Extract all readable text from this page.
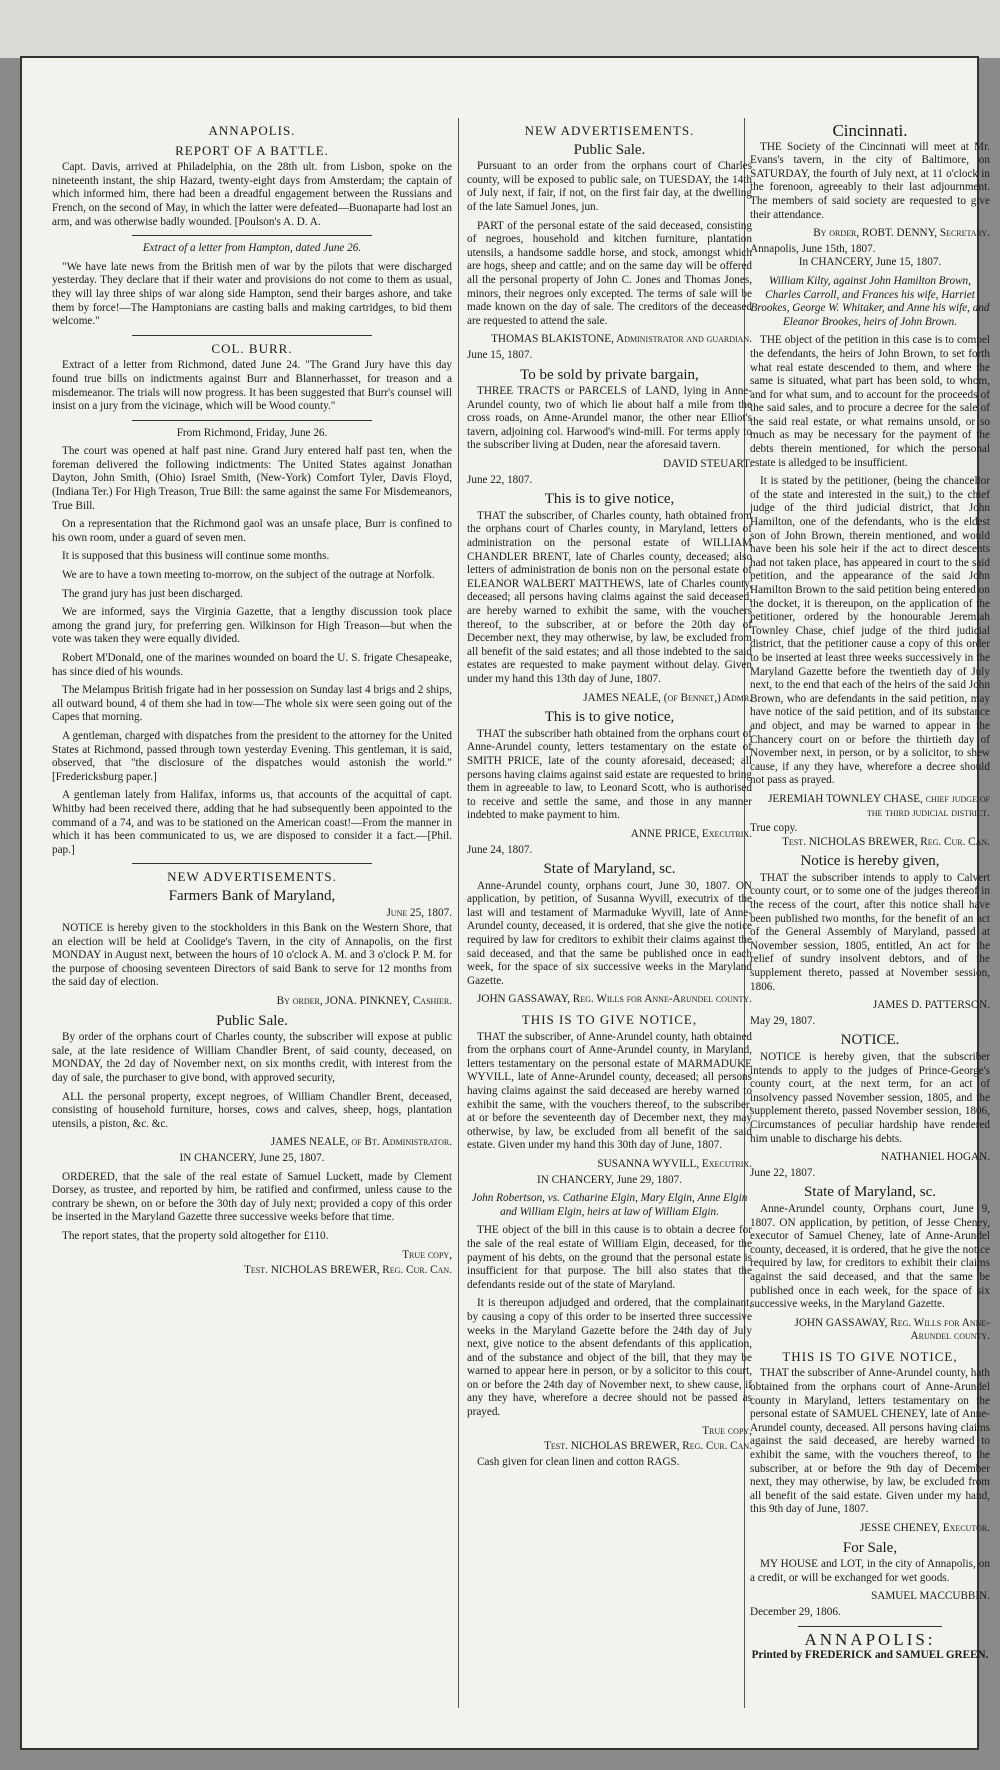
ANNAPOLIS.
REPORT OF A BATTLE.

Capt. Davis, arrived at Philadelphia, on the 28th ult. from Lisbon, spoke on the nineteenth instant, the ship Hazard, twenty-eight days from Amsterdam; the captain of which informed him, there had been a dreadful engagement between the Russians and French, on the second of May, in which the latter were defeated—Buonaparte had lost an arm, and was otherwise badly wounded. [Poulson's A. D. A.

Extract of a letter from Hampton, dated June 26.

"We have late news from the British men of war by the pilots that were discharged yesterday. They declare that if their water and provisions do not come to them as usual, they will lay three ships of war along side Hampton, send their barges ashore, and take them by force!—The Hamptonians are casting balls and making cartridges, to bid them welcome."

COL. BURR.

Extract of a letter from Richmond, dated June 24. "The Grand Jury have this day found true bills on indictments against Burr and Blannerhasset, for treason and a misdemeanor. The trials will now progress. It has been suggested that Burr's counsel will insist on a jury from the vicinage, which will be Wood county."

From Richmond, Friday, June 26.

The court was opened at half past nine. Grand Jury entered half past ten, when the foreman delivered the following indictments: The United States against Jonathan Dayton, John Smith, (Ohio) Israel Smith, (New-York) Comfort Tyler, Davis Floyd, (Indiana Ter.) For High Treason, True Bill: the same against the same For Misdemeanors, True Bill.

On a representation that the Richmond gaol was an unsafe place, Burr is confined to his own room, under a guard of seven men.

It is supposed that this business will continue some months.

We are to have a town meeting to-morrow, on the subject of the outrage at Norfolk.

The grand jury has just been discharged.

We are informed, says the Virginia Gazette, that a lengthy discussion took place among the grand jury, for preferring gen. Wilkinson for High Treason—but when the vote was taken they were equally divided.

Robert M'Donald, one of the marines wounded on board the U. S. frigate Chesapeake, has since died of his wounds.

The Melampus British frigate had in her possession on Sunday last 4 brigs and 2 ships, all outward bound, 4 of them she had in tow—The whole six were seen going out of the Capes that morning.

A gentleman, charged with dispatches from the president to the attorney for the United States at Richmond, passed through town yesterday Evening. This gentleman, it is said, observed, that "the disclosure of the dispatches would astonish the world." [Fredericksburg paper.]

A gentleman lately from Halifax, informs us, that accounts of the acquittal of capt. Whitby had been received there, adding that he had subsequently been appointed to the command of a 74, and was to be stationed on the American coast!—From the manner in which it has been communicated to us, we are disposed to consider it a fact.—[Phil. pap.]

NEW ADVERTISEMENTS.
Farmers Bank of Maryland,

June 25, 1807.

NOTICE is hereby given to the stockholders in this Bank on the Western Shore, that an election will be held at Coolidge's Tavern, in the city of Annapolis, on the first MONDAY in August next, between the hours of 10 o'clock A. M. and 3 o'clock P. M. for the purpose of choosing seventeen Directors of said Bank to serve for 12 months from the said day of election.

By order, JONA. PINKNEY, Cashier.

Public Sale.

By order of the orphans court of Charles county, the subscriber will expose at public sale, at the late residence of William Chandler Brent, of said county, deceased, on MONDAY, the 2d day of November next, on six months credit, with interest from the day of sale, the purchaser to give bond, with approved security,

ALL the personal property, except negroes, of William Chandler Brent, deceased, consisting of household furniture, horses, cows and calves, sheep, hogs, plantation utensils, a piston, &c. &c.

JAMES NEALE, of Bt. Administrator.

IN CHANCERY, June 25, 1807.

ORDERED, that the sale of the real estate of Samuel Luckett, made by Clement Dorsey, as trustee, and reported by him, be ratified and confirmed, unless cause to the contrary be shewn, on or before the 30th day of July next; provided a copy of this order be inserted in the Maryland Gazette three successive weeks before that time.

The report states, that the property sold altogether for £110.

True copy,

Test. NICHOLAS BREWER, Reg. Cur. Can.

NEW ADVERTISEMENTS.
Public Sale.

Pursuant to an order from the orphans court of Charles county, will be exposed to public sale, on TUESDAY, the 14th of July next, if fair, if not, on the first fair day, at the dwelling of the late Samuel Jones, jun.

PART of the personal estate of the said deceased, consisting of negroes, household and kitchen furniture, plantation utensils, a handsome saddle horse, and stock, amongst which are hogs, sheep and cattle; and on the same day will be offered all the personal property of John C. Jones and Thomas Jones, minors, their negroes only excepted. The terms of sale will be made known on the day of sale. The creditors of the deceased are requested to attend the sale.

THOMAS BLAKISTONE, Administrator and guardian.

June 15, 1807.

To be sold by private bargain,

THREE TRACTS or PARCELS of LAND, lying in Anne-Arundel county, two of which lie about half a mile from the cross roads, on Anne-Arundel manor, the other near Elliot's tavern, adjoining col. Harwood's wind-mill. For terms apply to the subscriber living at Duden, near the aforesaid tavern.

DAVID STEUART.

June 22, 1807.

This is to give notice,

THAT the subscriber, of Charles county, hath obtained from the orphans court of Charles county, in Maryland, letters of administration on the personal estate of WILLIAM CHANDLER BRENT, late of Charles county, deceased; also letters of administration de bonis non on the personal estate of ELEANOR WALBERT MATTHEWS, late of Charles county, deceased; all persons having claims against the said deceased, are hereby warned to exhibit the same, with the vouchers thereof, to the subscriber, at or before the 20th day of December next, they may otherwise, by law, be excluded from all benefit of the said estates; and all those indebted to the said estates are requested to make payment without delay. Given under my hand this 13th day of June, 1807.

JAMES NEALE, (of Bennet,) Admr.

This is to give notice,

THAT the subscriber hath obtained from the orphans court of Anne-Arundel county, letters testamentary on the estate of SMITH PRICE, late of the county aforesaid, deceased; all persons having claims against said estate are requested to bring them in agreeable to law, to Leonard Scott, who is authorised to receive and settle the same, and those in any manner indebted to make payment to him.

ANNE PRICE, Executrix.

June 24, 1807.

State of Maryland, sc.

Anne-Arundel county, orphans court, June 30, 1807. ON application, by petition, of Susanna Wyvill, executrix of the last will and testament of Marmaduke Wyvill, late of Anne-Arundel county, deceased, it is ordered, that she give the notice required by law for creditors to exhibit their claims against the said deceased, and that the same be published once in each week, for the space of six successive weeks in the Maryland Gazette.

JOHN GASSAWAY, Reg. Wills for Anne-Arundel county.

THIS IS TO GIVE NOTICE,

THAT the subscriber, of Anne-Arundel county, hath obtained from the orphans court of Anne-Arundel county, in Maryland, letters testamentary on the personal estate of MARMADUKE WYVILL, late of Anne-Arundel county, deceased; all persons having claims against the said deceased are hereby warned to exhibit the same, with the vouchers thereof, to the subscriber, at or before the seventeenth day of December next, they may otherwise, by law, be excluded from all benefit of the said estate. Given under my hand this 30th day of June, 1807.

SUSANNA WYVILL, Executrix.

IN CHANCERY, June 29, 1807.

John Robertson, vs. Catharine Elgin, Mary Elgin, Anne Elgin and William Elgin, heirs at law of William Elgin.

THE object of the bill in this cause is to obtain a decree for the sale of the real estate of William Elgin, deceased, for the payment of his debts, on the ground that the personal estate is insufficient for that purpose. The bill also states that the defendants reside out of the state of Maryland.

It is thereupon adjudged and ordered, that the complainant, by causing a copy of this order to be inserted three successive weeks in the Maryland Gazette before the 24th day of July next, give notice to the absent defendants of this application, and of the substance and object of the bill, that they may be warned to appear here in person, or by a solicitor to this court, on or before the 24th day of November next, to shew cause, if any they have, wherefore a decree should not be passed as prayed.

True copy,

Test. NICHOLAS BREWER, Reg. Cur. Can.

Cash given for clean linen and cotton RAGS.

Cincinnati.

THE Society of the Cincinnati will meet at Mr. Evans's tavern, in the city of Baltimore, on SATURDAY, the fourth of July next, at 11 o'clock in the forenoon, agreeably to their last adjournment. The members of said society are requested to give their attendance.

By order, ROBT. DENNY, Secretary.

Annapolis, June 15th, 1807.

In CHANCERY, June 15, 1807.

William Kilty, against John Hamilton Brown, Charles Carroll, and Frances his wife, Harriet Brookes, George W. Whitaker, and Anne his wife, and Eleanor Brookes, heirs of John Brown.

THE object of the petition in this case is to compel the defendants, the heirs of John Brown, to set forth what real estate descended to them, and where the same is situated, what part has been sold, to whom, and for what sum, and to account for the proceeds of the said sales, and to procure a decree for the sale of the said real estate, or what remains unsold, or so much as may be necessary for the payment of the debts therein mentioned, for which the personal estate is alledged to be insufficient.

It is stated by the petitioner, (being the chancellor of the state and interested in the suit,) to the chief judge of the third judicial district, that John Hamilton, one of the defendants, who is the eldest son of John Brown, therein mentioned, and would have been his sole heir if the act to direct descents had not taken place, has appeared in court to the said petition, and the appearance of the said John Hamilton Brown to the said petition being entered on the docket, it is thereupon, on the application of the petitioner, ordered by the honourable Jeremiah Townley Chase, chief judge of the third judicial district, that the petitioner cause a copy of this order to be inserted at least three weeks successively in the Maryland Gazette before the twentieth day of July next, to the end that each of the heirs of the said John Brown, who are defendants in the said petition, may have notice of the said petition, and of its substance and object, and may be warned to appear in the Chancery court on or before the thirtieth day of November next, in person, or by a solicitor, to shew cause, if any they have, wherefore a decree should not pass as prayed.

JEREMIAH TOWNLEY CHASE, chief judge of the third judicial district.

True copy.

Test. NICHOLAS BREWER, Reg. Cur. Can.

Notice is hereby given,

THAT the subscriber intends to apply to Calvert county court, or to some one of the judges thereof in the recess of the court, after this notice shall have been published two months, for the benefit of an act of the General Assembly of Maryland, passed at November session, 1805, entitled, An act for the relief of sundry insolvent debtors, and of the supplement thereto, passed at November session, 1806.

JAMES D. PATTERSON.

May 29, 1807.

NOTICE.

NOTICE is hereby given, that the subscriber intends to apply to the judges of Prince-George's county court, at the next term, for an act of insolvency passed November session, 1805, and the supplement thereto, passed November session, 1806, Circumstances of peculiar hardship have rendered him unable to discharge his debts.

NATHANIEL HOGAN.

June 22, 1807.

State of Maryland, sc.

Anne-Arundel county, Orphans court, June 9, 1807. ON application, by petition, of Jesse Cheney, executor of Samuel Cheney, late of Anne-Arundel county, deceased, it is ordered, that he give the notice required by law, for creditors to exhibit their claims against the said deceased, and that the same be published once in each week, for the space of six successive weeks, in the Maryland Gazette.

JOHN GASSAWAY, Reg. Wills for Anne-Arundel county.

THIS IS TO GIVE NOTICE,

THAT the subscriber of Anne-Arundel county, hath obtained from the orphans court of Anne-Arundel county in Maryland, letters testamentary on the personal estate of SAMUEL CHENEY, late of Anne-Arundel county, deceased. All persons having claims against the said deceased, are hereby warned to exhibit the same, with the vouchers thereof, to the subscriber, at or before the 9th day of December next, they may otherwise, by law, be excluded from all benefit of the said estate. Given under my hand, this 9th day of June, 1807.

JESSE CHENEY, Executor.

For Sale,

MY HOUSE and LOT, in the city of Annapolis, on a credit, or will be exchanged for wet goods.

SAMUEL MACCUBBIN.

December 29, 1806.

ANNAPOLIS:

Printed by FREDERICK and SAMUEL GREEN.
